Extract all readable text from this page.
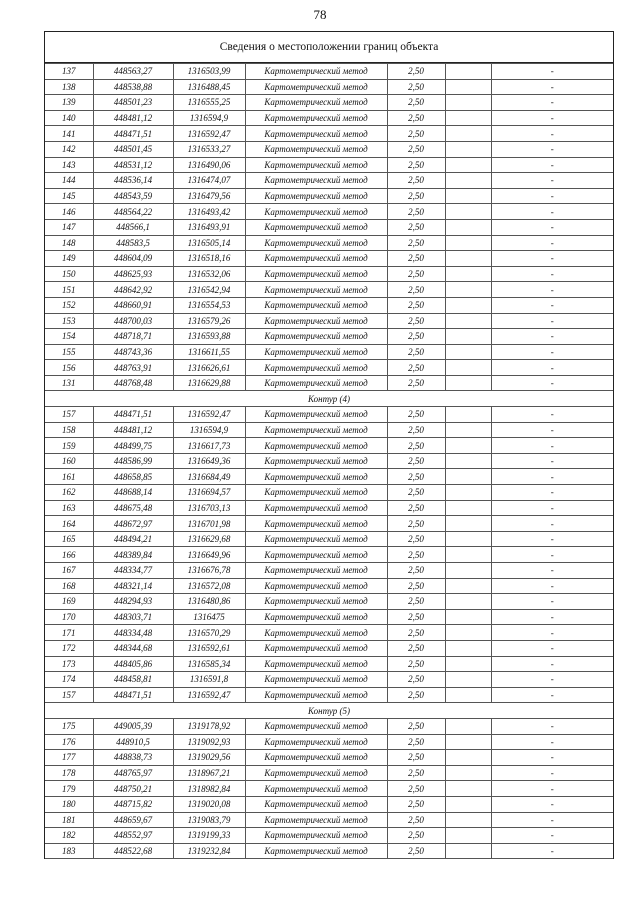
78
Сведения о местоположении границ объекта
137	448563,27	1316503,99	Картометрический метод	2,50		-
138	448538,88	1316488,45	Картометрический метод	2,50		-
139	448501,23	1316555,25	Картометрический метод	2,50		-
140	448481,12	1316594,9	Картометрический метод	2,50		-
141	448471,51	1316592,47	Картометрический метод	2,50		-
142	448501,45	1316533,27	Картометрический метод	2,50		-
143	448531,12	1316490,06	Картометрический метод	2,50		-
144	448536,14	1316474,07	Картометрический метод	2,50		-
145	448543,59	1316479,56	Картометрический метод	2,50		-
146	448564,22	1316493,42	Картометрический метод	2,50		-
147	448566,1	1316493,91	Картометрический метод	2,50		-
148	448583,5	1316505,14	Картометрический метод	2,50		-
149	448604,09	1316518,16	Картометрический метод	2,50		-
150	448625,93	1316532,06	Картометрический метод	2,50		-
151	448642,92	1316542,94	Картометрический метод	2,50		-
152	448660,91	1316554,53	Картометрический метод	2,50		-
153	448700,03	1316579,26	Картометрический метод	2,50		-
154	448718,71	1316593,88	Картометрический метод	2,50		-
155	448743,36	1316611,55	Картометрический метод	2,50		-
156	448763,91	1316626,61	Картометрический метод	2,50		-
131	448768,48	1316629,88	Картометрический метод	2,50		-
Контур (4)						
157	448471,51	1316592,47	Картометрический метод	2,50		-
158	448481,12	1316594,9	Картометрический метод	2,50		-
159	448499,75	1316617,73	Картометрический метод	2,50		-
160	448586,99	1316649,36	Картометрический метод	2,50		-
161	448658,85	1316684,49	Картометрический метод	2,50		-
162	448688,14	1316694,57	Картометрический метод	2,50		-
163	448675,48	1316703,13	Картометрический метод	2,50		-
164	448672,97	1316701,98	Картометрический метод	2,50		-
165	448494,21	1316629,68	Картометрический метод	2,50		-
166	448389,84	1316649,96	Картометрический метод	2,50		-
167	448334,77	1316676,78	Картометрический метод	2,50		-
168	448321,14	1316572,08	Картометрический метод	2,50		-
169	448294,93	1316480,86	Картометрический метод	2,50		-
170	448303,71	1316475	Картометрический метод	2,50		-
171	448334,48	1316570,29	Картометрический метод	2,50		-
172	448344,68	1316592,61	Картометрический метод	2,50		-
173	448405,86	1316585,34	Картометрический метод	2,50		-
174	448458,81	1316591,8	Картометрический метод	2,50		-
157	448471,51	1316592,47	Картометрический метод	2,50		-
Контур (5)						
175	449005,39	1319178,92	Картометрический метод	2,50		-
176	448910,5	1319092,93	Картометрический метод	2,50		-
177	448838,73	1319029,56	Картометрический метод	2,50		-
178	448765,97	1318967,21	Картометрический метод	2,50		-
179	448750,21	1318982,84	Картометрический метод	2,50		-
180	448715,82	1319020,08	Картометрический метод	2,50		-
181	448659,67	1319083,79	Картометрический метод	2,50		-
182	448552,97	1319199,33	Картометрический метод	2,50		-
183	448522,68	1319232,84	Картометрический метод	2,50		-
